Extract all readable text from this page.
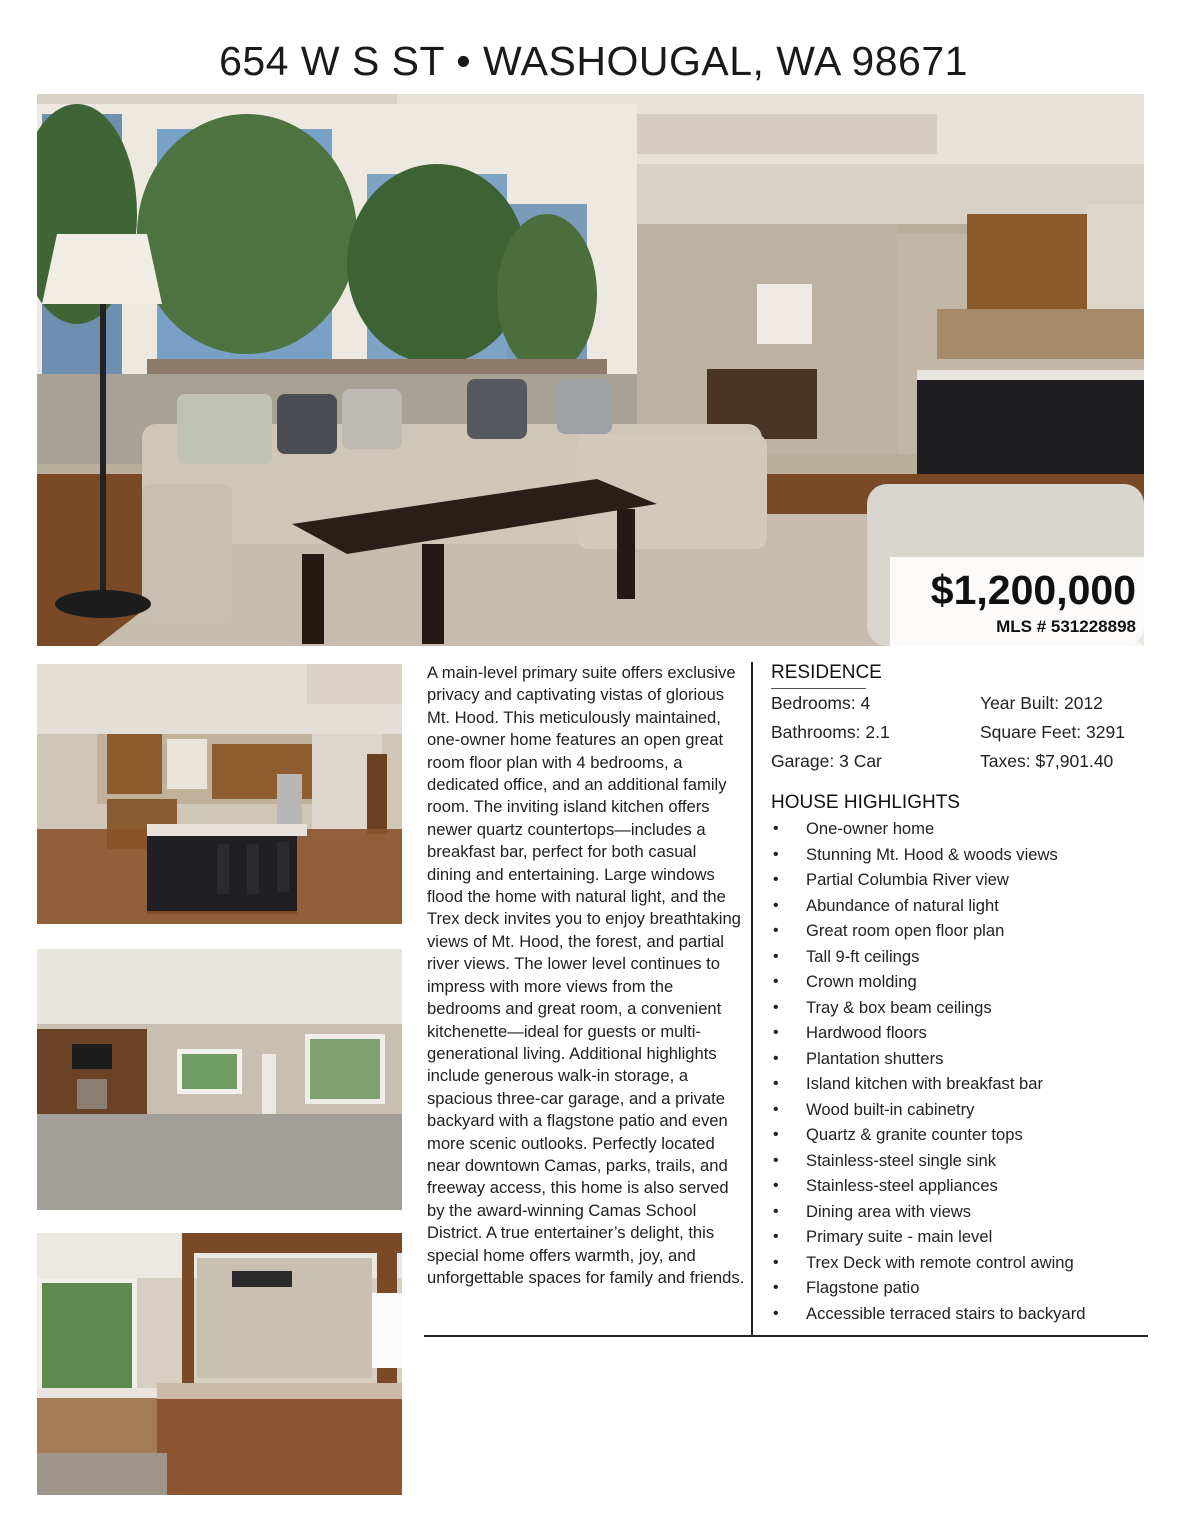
654 W S ST • WASHOUGAL, WA 98671
$1,200,000
MLS # 531228898
A main-level primary suite offers exclusive privacy and captivating vistas of glorious Mt. Hood. This meticulously maintained, one-owner home features an open great room floor plan with 4 bedrooms, a dedicated office, and an additional family room. The inviting island kitchen offers newer quartz countertops—includes a breakfast bar, perfect for both casual dining and entertaining. Large windows flood the home with natural light, and the Trex deck invites you to enjoy breathtaking views of Mt. Hood, the forest, and partial river views. The lower level continues to impress with more views from the bedrooms and great room, a convenient kitchenette—ideal for guests or multi-generational living. Additional highlights include generous walk-in storage, a spacious three-car garage, and a private backyard with a flagstone patio and even more scenic outlooks. Perfectly located near downtown Camas, parks, trails, and freeway access, this home is also served by the award-winning Camas School District. A true entertainer’s delight, this special home offers warmth, joy, and unforgettable spaces for family and friends.
RESIDENCE
Bedrooms: 4	Year Built: 2012
Bathrooms: 2.1	Square Feet: 3291
Garage: 3 Car	Taxes: $7,901.40
HOUSE HIGHLIGHTS
• One-owner home
• Stunning Mt. Hood & woods views
• Partial Columbia River view
• Abundance of natural light
• Great room open floor plan
• Tall 9-ft ceilings
• Crown molding
• Tray & box beam ceilings
• Hardwood floors
• Plantation shutters
• Island kitchen with breakfast bar
• Wood built-in cabinetry
• Quartz & granite counter tops
• Stainless-steel single sink
• Stainless-steel appliances
• Dining area with views
• Primary suite - main level
• Trex Deck with remote control awing
• Flagstone patio
• Accessible terraced stairs to backyard
